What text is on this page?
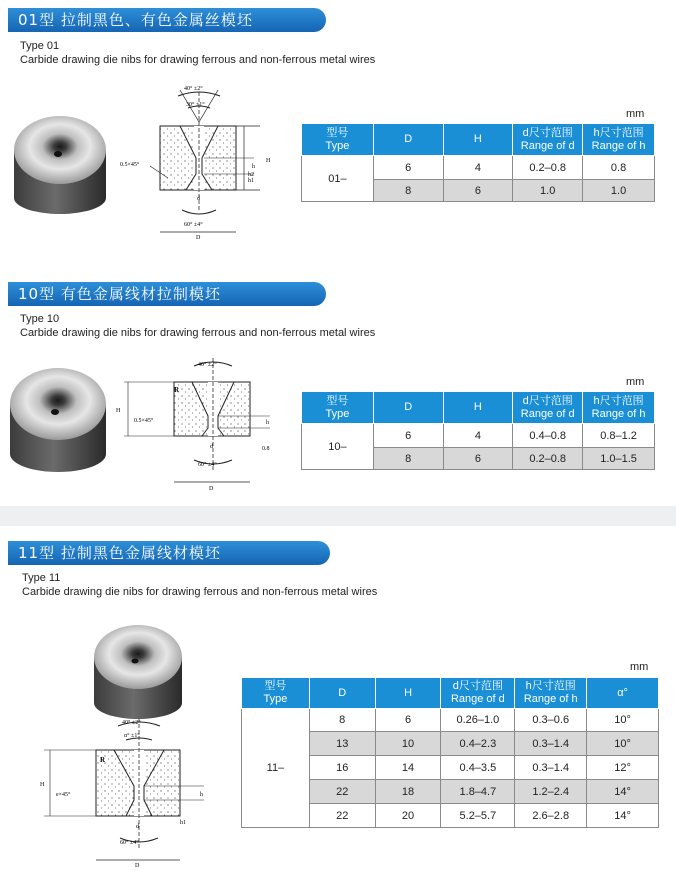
01型 拉制黑色、有色金属丝模坯
Type 01
Carbide drawing die nibs for drawing ferrous and non-ferrous metal wires
40° ±2°
30° ±1°
0.5×45°
60° ±4°
d
D
H
h
h1
h2
mm
型号
Type	D	H	d尺寸范围
Range of d	h尺寸范围
Range of h
01–	6	4	0.2–0.8	0.8
	8	6	1.0	1.0
10型 有色金属线材拉制模坯
Type 10
Carbide drawing die nibs for drawing ferrous and non-ferrous metal wires
40° ±2°
R
0.5×45°
60° ±4°
d
D
H
h
0.8
mm
型号
Type	D	H	d尺寸范围
Range of d	h尺寸范围
Range of h
10–	6	4	0.4–0.8	0.8–1.2
	8	6	0.2–0.8	1.0–1.5
11型 拉制黑色金属线材模坯
Type 11
Carbide drawing die nibs for drawing ferrous and non-ferrous metal wires
40° ±2°
α° ±1°
R
e×45°
60° ±4°
d
D
H
h
h1
mm
型号
Type	D	H	d尺寸范围
Range of d	h尺寸范围
Range of h	α°
11–	8	6	0.26–1.0	0.3–0.6	10°
	13	10	0.4–2.3	0.3–1.4	10°
	16	14	0.4–3.5	0.3–1.4	12°
	22	18	1.8–4.7	1.2–2.4	14°
	22	20	5.2–5.7	2.6–2.8	14°
